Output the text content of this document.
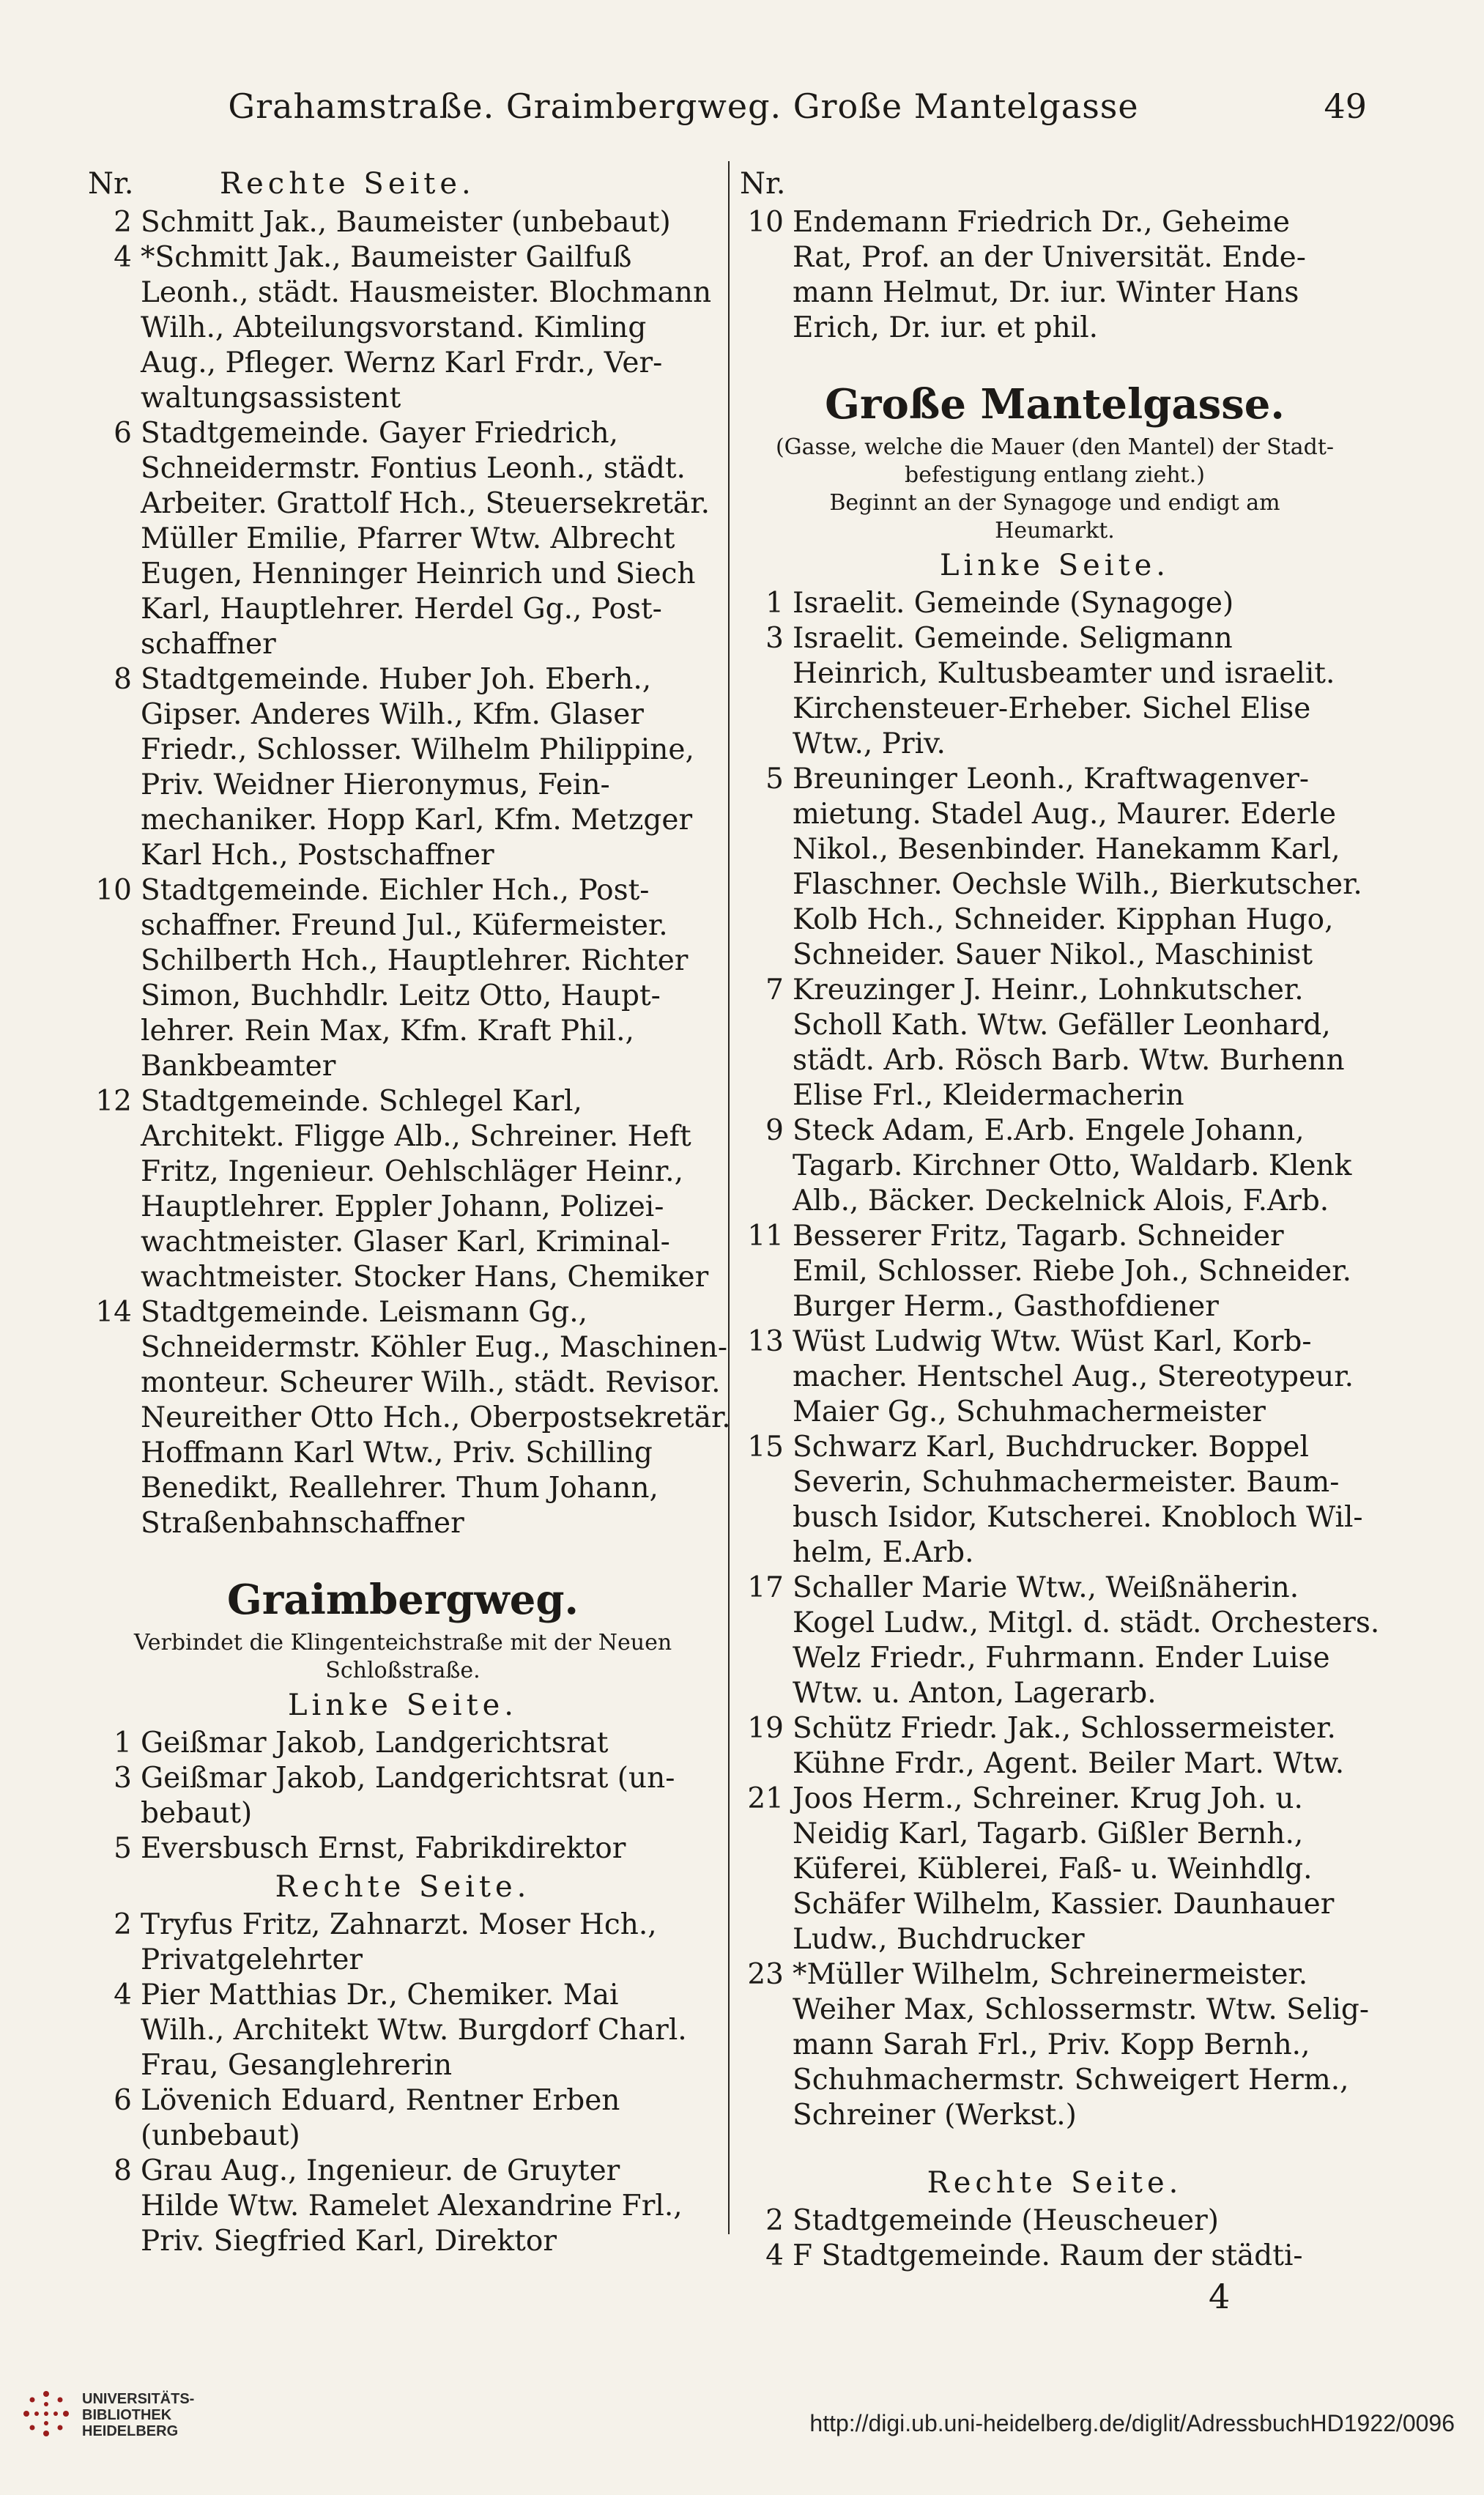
Grahamstraße. Graimbergweg. Große Mantelgasse	49
Nr.	Rechte Seite.
2 Schmitt Jak., Baumeister (unbebaut)
4 *Schmitt Jak., Baumeister Gailfuß
Leonh., städt. Hausmeister. Blochmann
Wilh., Abteilungsvorstand. Kimling
Aug., Pfleger. Wernz Karl Frdr., Ver-
waltungsassistent
6 Stadtgemeinde. Gayer Friedrich,
Schneidermstr. Fontius Leonh., städt.
Arbeiter. Grattolf Hch., Steuersekretär.
Müller Emilie, Pfarrer Wtw. Albrecht
Eugen, Henninger Heinrich und Siech
Karl, Hauptlehrer. Herdel Gg., Post-
schaffner
8 Stadtgemeinde. Huber Joh. Eberh.,
Gipser. Anderes Wilh., Kfm. Glaser
Friedr., Schlosser. Wilhelm Philippine,
Priv. Weidner Hieronymus, Fein-
mechaniker. Hopp Karl, Kfm. Metzger
Karl Hch., Postschaffner
10 Stadtgemeinde. Eichler Hch., Post-
schaffner. Freund Jul., Küfermeister.
Schilberth Hch., Hauptlehrer. Richter
Simon, Buchhdlr. Leitz Otto, Haupt-
lehrer. Rein Max, Kfm. Kraft Phil.,
Bankbeamter
12 Stadtgemeinde. Schlegel Karl,
Architekt. Fligge Alb., Schreiner. Heft
Fritz, Ingenieur. Oehlschläger Heinr.,
Hauptlehrer. Eppler Johann, Polizei-
wachtmeister. Glaser Karl, Kriminal-
wachtmeister. Stocker Hans, Chemiker
14 Stadtgemeinde. Leismann Gg.,
Schneidermstr. Köhler Eug., Maschinen-
monteur. Scheurer Wilh., städt. Revisor.
Neureither Otto Hch., Oberpostsekretär.
Hoffmann Karl Wtw., Priv. Schilling
Benedikt, Reallehrer. Thum Johann,
Straßenbahnschaffner
Graimbergweg.
Verbindet die Klingenteichstraße mit der Neuen Schloßstraße.
Linke Seite.
1 Geißmar Jakob, Landgerichtsrat
3 Geißmar Jakob, Landgerichtsrat (un-
bebaut)
5 Eversbusch Ernst, Fabrikdirektor
Rechte Seite.
2 Tryfus Fritz, Zahnarzt. Moser Hch.,
Privatgelehrter
4 Pier Matthias Dr., Chemiker. Mai
Wilh., Architekt Wtw. Burgdorf Charl.
Frau, Gesanglehrerin
6 Lövenich Eduard, Rentner Erben
(unbebaut)
8 Grau Aug., Ingenieur. de Gruyter
Hilde Wtw. Ramelet Alexandrine Frl.,
Priv. Siegfried Karl, Direktor
Nr.
10 Endemann Friedrich Dr., Geheime
Rat, Prof. an der Universität. Ende-
mann Helmut, Dr. iur. Winter Hans
Erich, Dr. iur. et phil.
Große Mantelgasse.
(Gasse, welche die Mauer (den Mantel) der Stadt-
befestigung entlang zieht.)
Beginnt an der Synagoge und endigt am
Heumarkt.
Linke Seite.
1 Israelit. Gemeinde (Synagoge)
3 Israelit. Gemeinde. Seligmann
Heinrich, Kultusbeamter und israelit.
Kirchensteuer-Erheber. Sichel Elise
Wtw., Priv.
5 Breuninger Leonh., Kraftwagenver-
mietung. Stadel Aug., Maurer. Ederle
Nikol., Besenbinder. Hanekamm Karl,
Flaschner. Oechsle Wilh., Bierkutscher.
Kolb Hch., Schneider. Kipphan Hugo,
Schneider. Sauer Nikol., Maschinist
7 Kreuzinger J. Heinr., Lohnkutscher.
Scholl Kath. Wtw. Gefäller Leonhard,
städt. Arb. Rösch Barb. Wtw. Burhenn
Elise Frl., Kleidermacherin
9 Steck Adam, E.Arb. Engele Johann,
Tagarb. Kirchner Otto, Waldarb. Klenk
Alb., Bäcker. Deckelnick Alois, F.Arb.
11 Besserer Fritz, Tagarb. Schneider
Emil, Schlosser. Riebe Joh., Schneider.
Burger Herm., Gasthofdiener
13 Wüst Ludwig Wtw. Wüst Karl, Korb-
macher. Hentschel Aug., Stereotypeur.
Maier Gg., Schuhmachermeister
15 Schwarz Karl, Buchdrucker. Boppel
Severin, Schuhmachermeister. Baum-
busch Isidor, Kutscherei. Knobloch Wil-
helm, E.Arb.
17 Schaller Marie Wtw., Weißnäherin.
Kogel Ludw., Mitgl. d. städt. Orchesters.
Welz Friedr., Fuhrmann. Ender Luise
Wtw. u. Anton, Lagerarb.
19 Schütz Friedr. Jak., Schlossermeister.
Kühne Frdr., Agent. Beiler Mart. Wtw.
21 Joos Herm., Schreiner. Krug Joh. u.
Neidig Karl, Tagarb. Gißler Bernh.,
Küferei, Küblerei, Faß- u. Weinhdlg.
Schäfer Wilhelm, Kassier. Daunhauer
Ludw., Buchdrucker
23 *Müller Wilhelm, Schreinermeister.
Weiher Max, Schlossermstr. Wtw. Selig-
mann Sarah Frl., Priv. Kopp Bernh.,
Schuhmachermstr. Schweigert Herm.,
Schreiner (Werkst.)
Rechte Seite.
2 Stadtgemeinde (Heuscheuer)
4 F Stadtgemeinde. Raum der städti-
4
UNIVERSITÄTS-
BIBLIOTHEK
HEIDELBERG	http://digi.ub.uni-heidelberg.de/diglit/AdressbuchHD1922/0096
